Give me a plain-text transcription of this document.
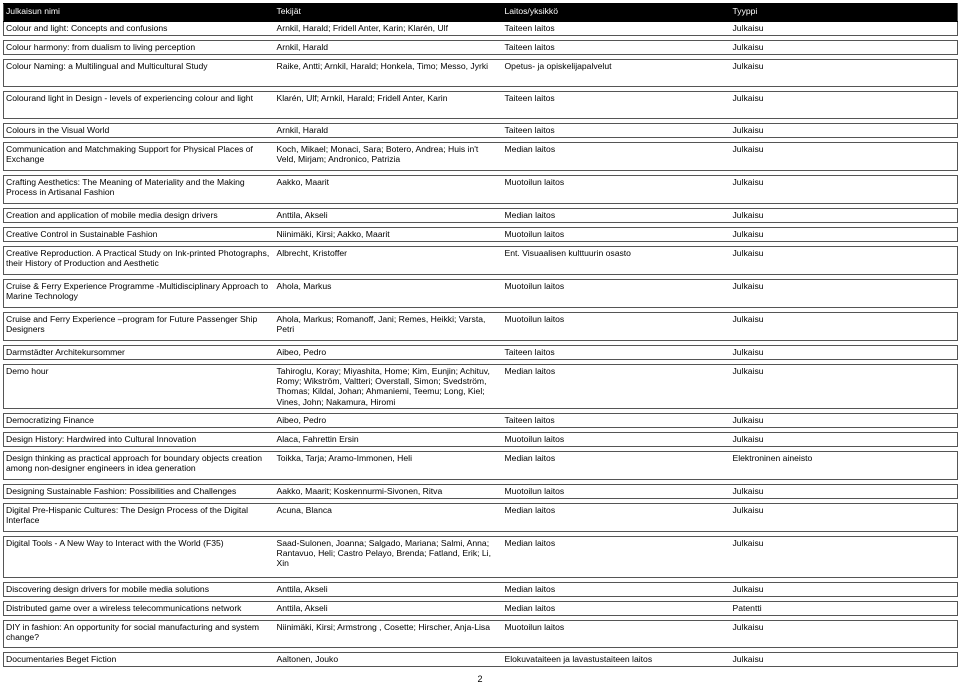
Julkaisun nimi	Tekijät	Laitos/yksikkö	Tyyppi
Colour and light: Concepts and confusions	Arnkil, Harald; Fridell Anter, Karin; Klarén, Ulf	Taiteen laitos	Julkaisu

Colour harmony: from dualism to living perception	Arnkil, Harald	Taiteen laitos	Julkaisu

Colour Naming: a Multilingual and Multicultural Study	Raike, Antti; Arnkil, Harald; Honkela, Timo; Messo, Jyrki	Opetus- ja opiskelijapalvelut	Julkaisu

Colourand light in Design - levels of experiencing colour and light	Klarén, Ulf; Arnkil, Harald; Fridell Anter, Karin	Taiteen laitos	Julkaisu

Colours in the Visual World	Arnkil, Harald	Taiteen laitos	Julkaisu

Communication and Matchmaking Support for Physical Places of Exchange	Koch, Mikael; Monaci, Sara; Botero, Andrea; Huis in't Veld, Mirjam; Andronico, Patrizia	Median laitos	Julkaisu

Crafting Aesthetics: The Meaning of Materiality and the Making Process in Artisanal Fashion	Aakko, Maarit	Muotoilun laitos	Julkaisu

Creation and application of mobile media design drivers	Anttila, Akseli	Median laitos	Julkaisu

Creative Control in Sustainable Fashion	Niinimäki, Kirsi; Aakko, Maarit	Muotoilun laitos	Julkaisu

Creative Reproduction. A Practical Study on Ink-printed Photographs, their History of Production and Aesthetic	Albrecht, Kristoffer	Ent. Visuaalisen kulttuurin osasto	Julkaisu

Cruise & Ferry Experience Programme -Multidisciplinary Approach to Marine Technology	Ahola, Markus	Muotoilun laitos	Julkaisu

Cruise and Ferry Experience –program for Future Passenger Ship Designers	Ahola, Markus; Romanoff, Jani; Remes, Heikki; Varsta, Petri	Muotoilun laitos	Julkaisu

Darmstädter Architekursommer	Aibeo, Pedro	Taiteen laitos	Julkaisu

Demo hour	Tahiroglu, Koray; Miyashita, Home; Kim, Eunjin; Achituv, Romy; Wikström, Valtteri; Overstall, Simon; Svedström, Thomas; Kildal, Johan; Ahmaniemi, Teemu; Long, Kiel; Vines, John; Nakamura, Hiromi	Median laitos	Julkaisu

Democratizing Finance	Aibeo, Pedro	Taiteen laitos	Julkaisu

Design History: Hardwired into Cultural Innovation	Alaca, Fahrettin Ersin	Muotoilun laitos	Julkaisu

Design thinking as practical approach for boundary objects creation among non-designer engineers in idea generation	Toikka, Tarja; Aramo-Immonen, Heli	Median laitos	Elektroninen aineisto

Designing Sustainable Fashion: Possibilities and Challenges	Aakko, Maarit; Koskennurmi-Sivonen, Ritva	Muotoilun laitos	Julkaisu

Digital Pre-Hispanic Cultures: The Design Process of the Digital Interface	Acuna, Blanca	Median laitos	Julkaisu

Digital Tools - A New Way to Interact with the World (F35)	Saad-Sulonen, Joanna; Salgado, Mariana; Salmi, Anna; Rantavuo, Heli; Castro Pelayo, Brenda; Fatland, Erik; Li, Xin	Median laitos	Julkaisu

Discovering design drivers for mobile media solutions	Anttila, Akseli	Median laitos	Julkaisu

Distributed game over a wireless telecommunications network	Anttila, Akseli	Median laitos	Patentti

DIY in fashion: An opportunity for social manufacturing and system change?	Niinimäki, Kirsi; Armstrong , Cosette; Hirscher, Anja-Lisa	Muotoilun laitos	Julkaisu

Documentaries Beget Fiction	Aaltonen, Jouko	Elokuvataiteen ja lavastustaiteen laitos	Julkaisu
2
